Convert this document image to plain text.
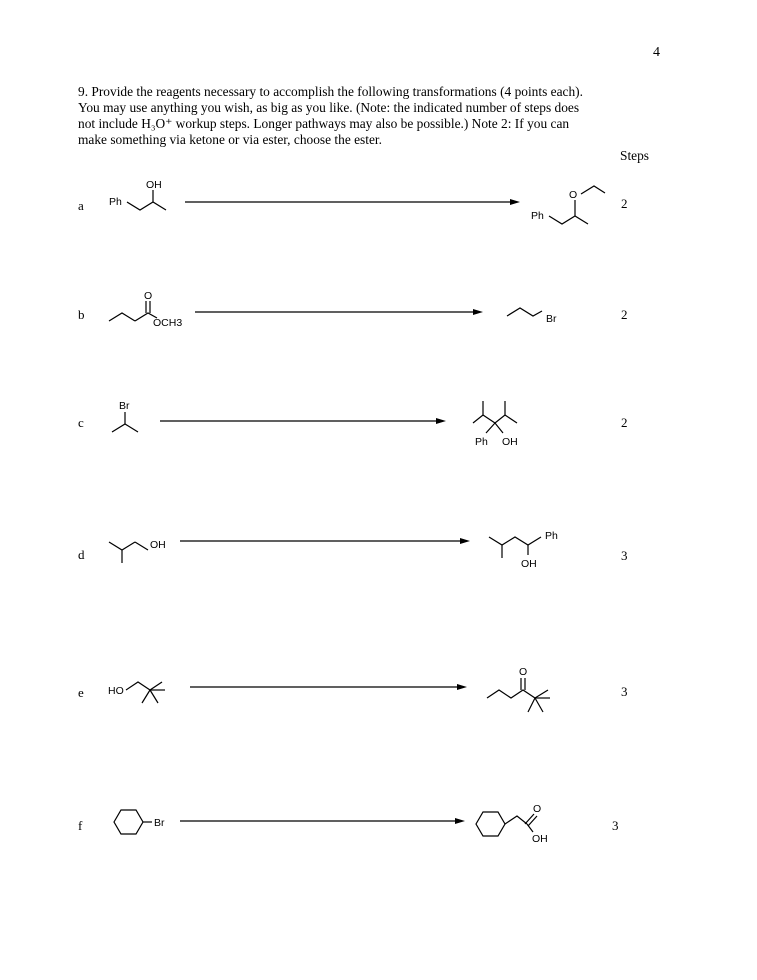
4

9. Provide the reagents necessary to accomplish the following transformations (4 points each).
You may use anything you wish, as big as you like. (Note: the indicated number of steps does
not include H₃O⁺ workup steps. Longer pathways may also be possible.) Note 2: If you can
make something via ketone or via ester, choose the ester.

Steps
a	2
Ph
OH
Ph
O
b	2
O
OCH3	Br
c	2
Br
Ph OH
d	3
OH
Ph
OH
e	3
HO
O
f	3
Br
O
OH
